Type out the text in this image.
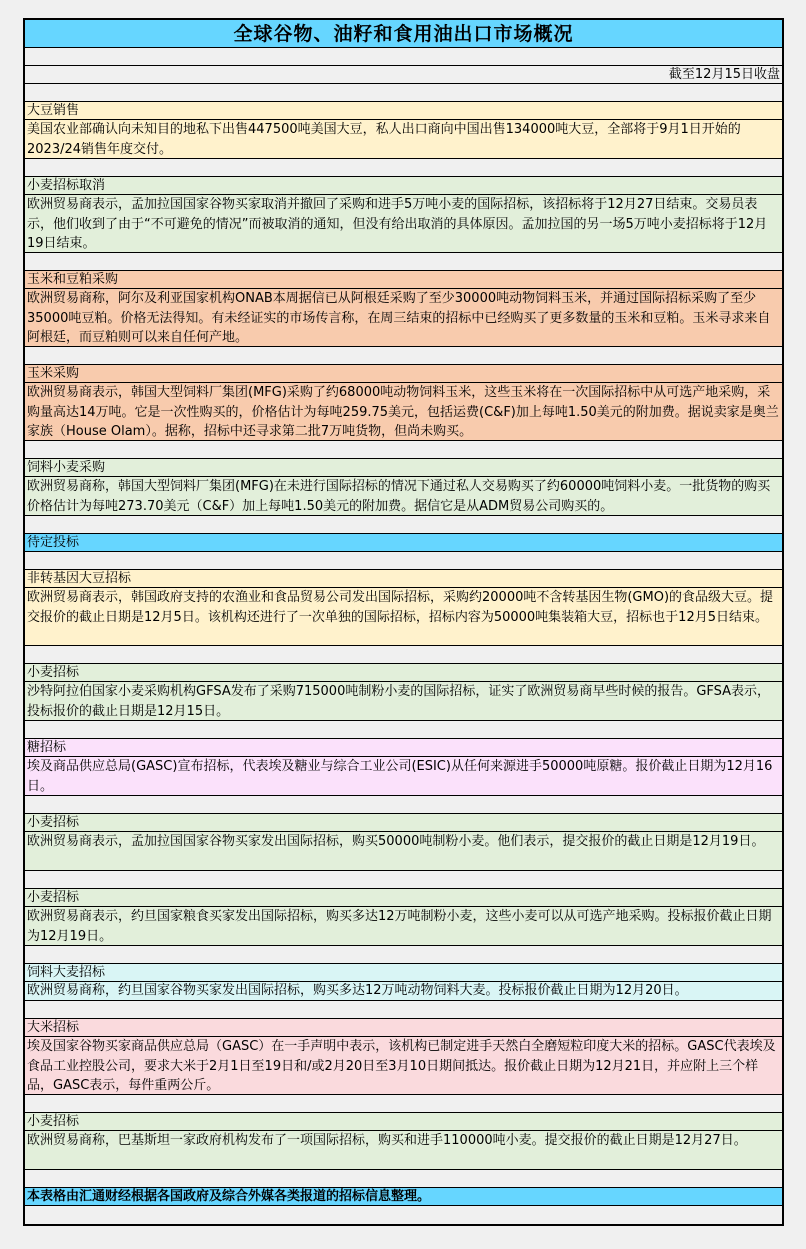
全球谷物、油籽和食用油出口市场概况
截至12月15日收盘
大豆销售
美国农业部确认向未知目的地私下出售447500吨美国大豆，私人出口商向中国出售134000吨大豆，全部将于9月1日开始的2023/24销售年度交付。
小麦招标取消
欧洲贸易商表示，孟加拉国国家谷物买家取消并撤回了采购和进手5万吨小麦的国际招标，该招标将于12月27日结束。交易员表示，他们收到了由于“不可避免的情况”而被取消的通知，但没有给出取消的具体原因。孟加拉国的另一场5万吨小麦招标将于12月19日结束。
玉米和豆粕采购
欧洲贸易商称，阿尔及利亚国家机构ONAB本周据信已从阿根廷采购了至少30000吨动物饲料玉米，并通过国际招标采购了至少35000吨豆粕。价格无法得知。有未经证实的市场传言称，在周三结束的招标中已经购买了更多数量的玉米和豆粕。玉米寻求来自阿根廷，而豆粕则可以来自任何产地。
玉米采购
欧洲贸易商表示，韩国大型饲料厂集团(MFG)采购了约68000吨动物饲料玉米，这些玉米将在一次国际招标中从可选产地采购，采购量高达14万吨。它是一次性购买的，价格估计为每吨259.75美元，包括运费(C&F)加上每吨1.50美元的附加费。据说卖家是奥兰家族（House Olam）。据称，招标中还寻求第二批7万吨货物，但尚未购买。
饲料小麦采购
欧洲贸易商称，韩国大型饲料厂集团(MFG)在未进行国际招标的情况下通过私人交易购买了约60000吨饲料小麦。一批货物的购买价格估计为每吨273.70美元（C&F）加上每吨1.50美元的附加费。据信它是从ADM贸易公司购买的。
待定投标
非转基因大豆招标
欧洲贸易商表示，韩国政府支持的农渔业和食品贸易公司发出国际招标，采购约20000吨不含转基因生物(GMO)的食品级大豆。提交报价的截止日期是12月5日。该机构还进行了一次单独的国际招标，招标内容为50000吨集装箱大豆，招标也于12月5日结束。
小麦招标
沙特阿拉伯国家小麦采购机构GFSA发布了采购715000吨制粉小麦的国际招标，证实了欧洲贸易商早些时候的报告。GFSA表示，投标报价的截止日期是12月15日。
糖招标
埃及商品供应总局(GASC)宣布招标，代表埃及糖业与综合工业公司(ESIC)从任何来源进手50000吨原糖。报价截止日期为12月16日。
小麦招标
欧洲贸易商表示，孟加拉国国家谷物买家发出国际招标，购买50000吨制粉小麦。他们表示，提交报价的截止日期是12月19日。
小麦招标
欧洲贸易商表示，约旦国家粮食买家发出国际招标，购买多达12万吨制粉小麦，这些小麦可以从可选产地采购。投标报价截止日期为12月19日。
饲料大麦招标
欧洲贸易商称，约旦国家谷物买家发出国际招标，购买多达12万吨动物饲料大麦。投标报价截止日期为12月20日。
大米招标
埃及国家谷物买家商品供应总局（GASC）在一手声明中表示，该机构已制定进手天然白全磨短粒印度大米的招标。GASC代表埃及食品工业控股公司，要求大米于2月1日至19日和/或2月20日至3月10日期间抵达。报价截止日期为12月21日，并应附上三个样品，GASC表示，每件重两公斤。
小麦招标
欧洲贸易商称，巴基斯坦一家政府机构发布了一项国际招标，购买和进手110000吨小麦。提交报价的截止日期是12月27日。
本表格由汇通财经根据各国政府及综合外媒各类报道的招标信息整理。
